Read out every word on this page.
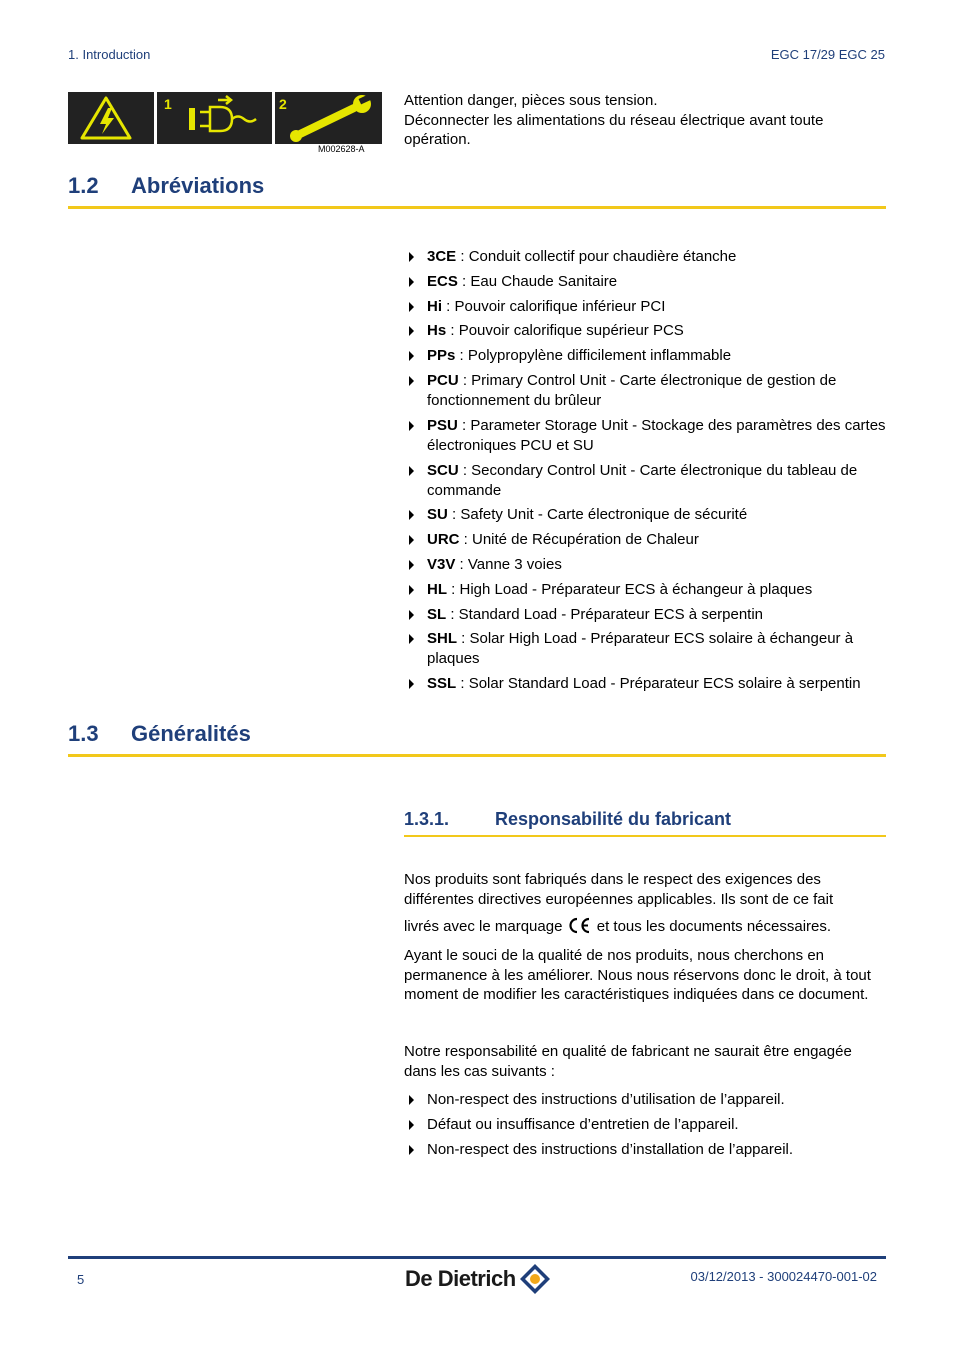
1. Introduction	EGC 17/29 EGC 25
1	2
M002628-A
Attention danger, pièces sous tension.
Déconnecter les alimentations du réseau électrique avant toute opération.
1.2 Abréviations
3CE : Conduit collectif pour chaudière étanche
ECS : Eau Chaude Sanitaire
Hi : Pouvoir calorifique inférieur PCI
Hs : Pouvoir calorifique supérieur PCS
PPs : Polypropylène difficilement inflammable
PCU : Primary Control Unit - Carte électronique de gestion de fonctionnement du brûleur
PSU : Parameter Storage Unit - Stockage des paramètres des cartes électroniques PCU et SU
SCU : Secondary Control Unit - Carte électronique du tableau de commande
SU : Safety Unit - Carte électronique de sécurité
URC : Unité de Récupération de Chaleur
V3V : Vanne 3 voies
HL : High Load - Préparateur ECS à échangeur à plaques
SL : Standard Load - Préparateur ECS à serpentin
SHL : Solar High Load - Préparateur ECS solaire à échangeur à plaques
SSL : Solar Standard Load - Préparateur ECS solaire à serpentin
1.3 Généralités
1.3.1.	Responsabilité du fabricant

Nos produits sont fabriqués dans le respect des exigences des différentes directives européennes applicables. Ils sont de ce fait

livrés avec le marquage  et tous les documents nécessaires.

Ayant le souci de la qualité de nos produits, nous cherchons en permanence à les améliorer. Nous nous réservons donc le droit, à tout moment de modifier les caractéristiques indiquées dans ce document.

Notre responsabilité en qualité de fabricant ne saurait être engagée dans les cas suivants :

Non-respect des instructions d’utilisation de l’appareil.
Défaut ou insuffisance d’entretien de l’appareil.
Non-respect des instructions d’installation de l’appareil.
5	De Dietrich	03/12/2013 - 300024470-001-02
